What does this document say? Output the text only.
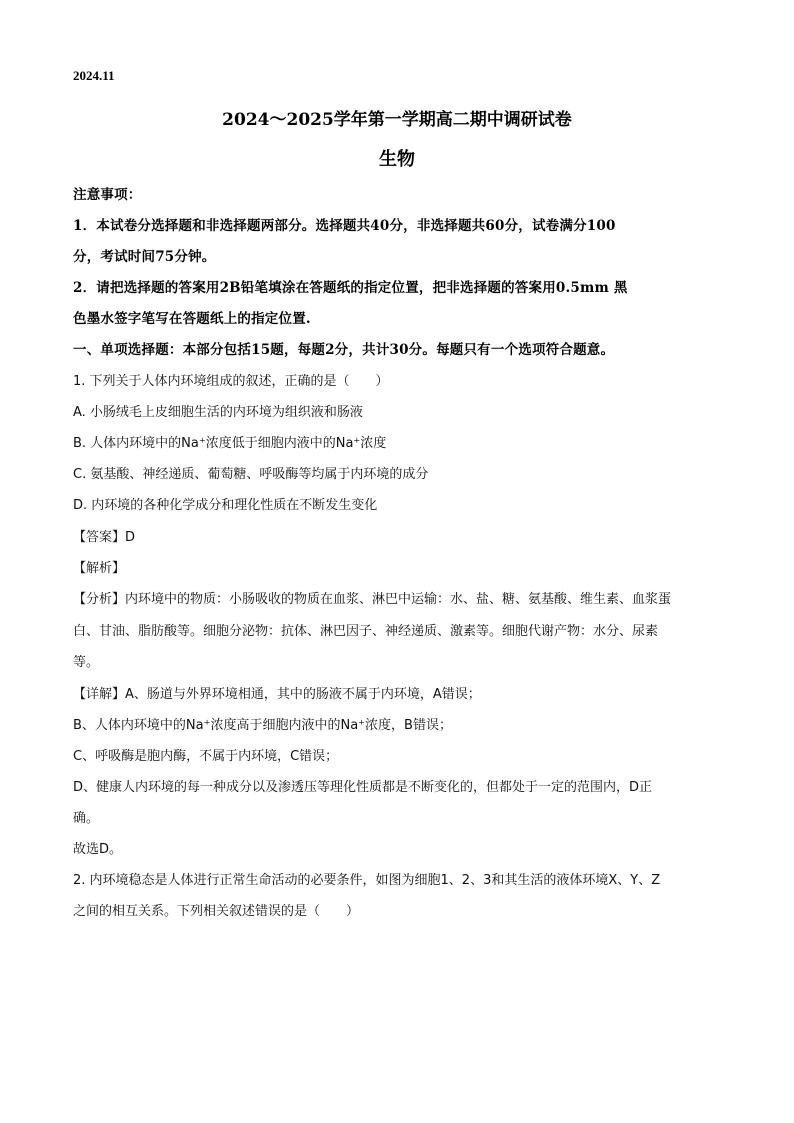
2024.11
2024～2025学年第一学期高二期中调研试卷
生物
注意事项：
1．本试卷分选择题和非选择题两部分。选择题共40分，非选择题共60分，试卷满分100
分，考试时间75分钟。
2．请把选择题的答案用2B铅笔填涂在答题纸的指定位置，把非选择题的答案用0.5mm 黑
色墨水签字笔写在答题纸上的指定位置.
一、单项选择题：本部分包括15题，每题2分，共计30分。每题只有一个选项符合题意。
1. 下列关于人体内环境组成的叙述，正确的是（　　）
A. 小肠绒毛上皮细胞生活的内环境为组织液和肠液
B. 人体内环境中的Na⁺浓度低于细胞内液中的Na⁺浓度
C. 氨基酸、神经递质、葡萄糖、呼吸酶等均属于内环境的成分
D. 内环境的各种化学成分和理化性质在不断发生变化
【答案】D
【解析】
【分析】内环境中的物质：小肠吸收的物质在血浆、淋巴中运输：水、盐、糖、氨基酸、维生素、血浆蛋
白、甘油、脂肪酸等。细胞分泌物：抗体、淋巴因子、神经递质、激素等。细胞代谢产物：水分、尿素
等。
【详解】A、肠道与外界环境相通，其中的肠液不属于内环境，A错误；
B、人体内环境中的Na⁺浓度高于细胞内液中的Na⁺浓度，B错误；
C、呼吸酶是胞内酶，不属于内环境，C错误；
D、健康人内环境的每一种成分以及渗透压等理化性质都是不断变化的，但都处于一定的范围内，D正
确。
故选D。
2. 内环境稳态是人体进行正常生命活动的必要条件，如图为细胞1、2、3和其生活的液体环境X、Y、Z
之间的相互关系。下列相关叙述错误的是（　　）
